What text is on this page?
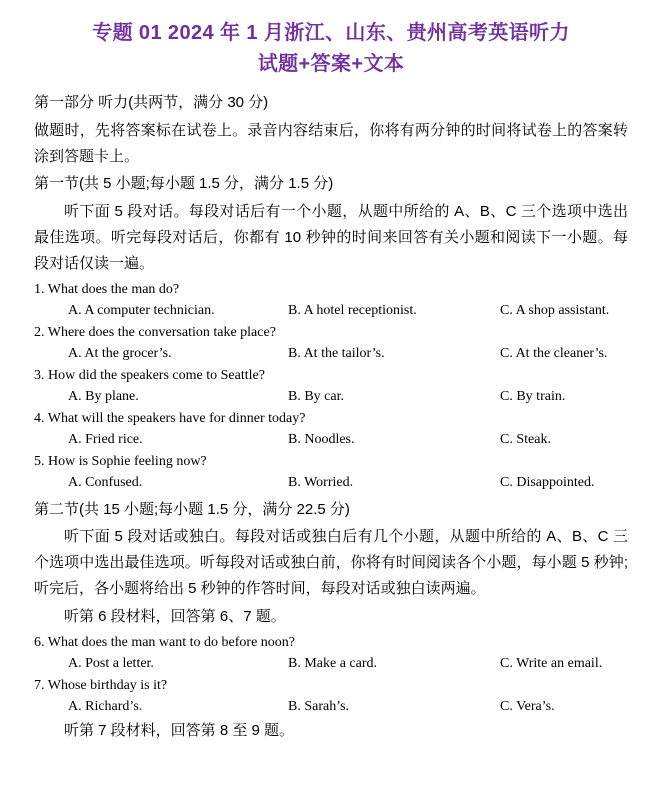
专题 01 2024 年 1 月浙江、山东、贵州高考英语听力
试题+答案+文本

第一部分 听力(共两节，满分 30 分)

做题时，先将答案标在试卷上。录音内容结束后，你将有两分钟的时间将试卷上的答案转涂到答题卡上。

第一节(共 5 小题;每小题 1.5 分，满分 1.5 分)

听下面 5 段对话。每段对话后有一个小题，从题中所给的 A、B、C 三个选项中选出最佳选项。听完每段对话后，你都有 10 秒钟的时间来回答有关小题和阅读下一小题。每段对话仅读一遍。

1. What does the man do?

A. A computer technician.	B. A hotel receptionist.	C. A shop assistant.

2. Where does the conversation take place?

A. At the grocer’s.	B. At the tailor’s.	C. At the cleaner’s.

3. How did the speakers come to Seattle?

A. By plane.	B. By car.	C. By train.

4. What will the speakers have for dinner today?

A. Fried rice.	B. Noodles.	C. Steak.

5. How is Sophie feeling now?

A. Confused.	B. Worried.	C. Disappointed.

第二节(共 15 小题;每小题 1.5 分，满分 22.5 分)

听下面 5 段对话或独白。每段对话或独白后有几个小题，从题中所给的 A、B、C 三个选项中选出最佳选项。听每段对话或独白前，你将有时间阅读各个小题，每小题 5 秒钟;听完后，各小题将给出 5 秒钟的作答时间，每段对话或独白读两遍。

听第 6 段材料，回答第 6、7 题。

6. What does the man want to do before noon?

A. Post a letter.	B. Make a card.	C. Write an email.

7. Whose birthday is it?

A. Richard’s.	B. Sarah’s.	C. Vera’s.

听第 7 段材料，回答第 8 至 9 题。
